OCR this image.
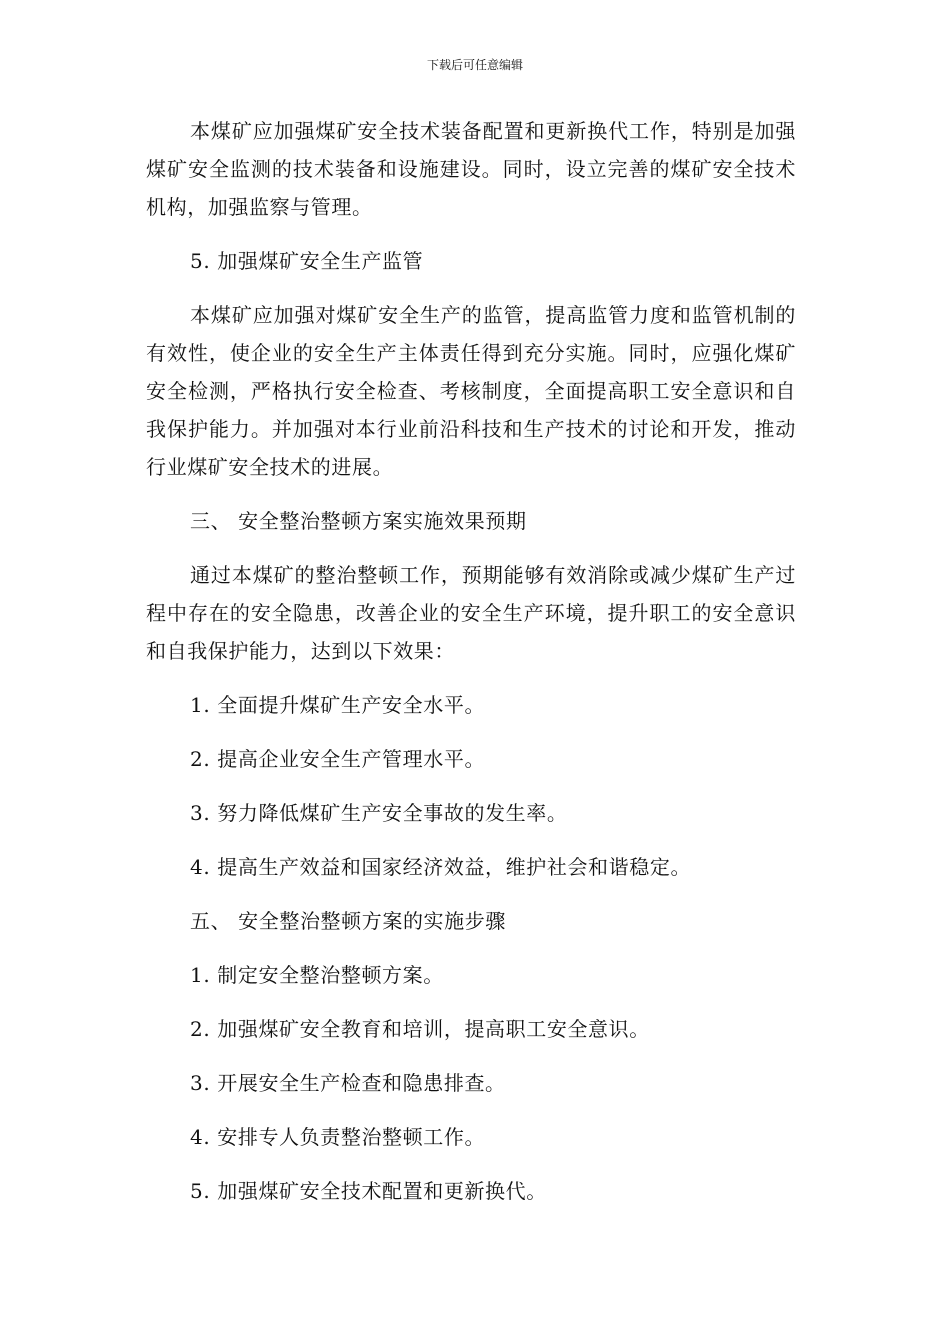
下载后可任意编辑

本煤矿应加强煤矿安全技术装备配置和更新换代工作，特别是加强煤矿安全监测的技术装备和设施建设。同时，设立完善的煤矿安全技术机构，加强监察与管理。

5. 加强煤矿安全生产监管

本煤矿应加强对煤矿安全生产的监管，提高监管力度和监管机制的有效性，使企业的安全生产主体责任得到充分实施。同时，应强化煤矿安全检测，严格执行安全检查、考核制度，全面提高职工安全意识和自我保护能力。并加强对本行业前沿科技和生产技术的讨论和开发，推动行业煤矿安全技术的进展。

三、 安全整治整顿方案实施效果预期

通过本煤矿的整治整顿工作，预期能够有效消除或减少煤矿生产过程中存在的安全隐患，改善企业的安全生产环境，提升职工的安全意识和自我保护能力，达到以下效果：

1. 全面提升煤矿生产安全水平。

2. 提高企业安全生产管理水平。

3. 努力降低煤矿生产安全事故的发生率。

4. 提高生产效益和国家经济效益，维护社会和谐稳定。

五、 安全整治整顿方案的实施步骤

1. 制定安全整治整顿方案。

2. 加强煤矿安全教育和培训，提高职工安全意识。

3. 开展安全生产检查和隐患排查。

4. 安排专人负责整治整顿工作。

5. 加强煤矿安全技术配置和更新换代。
